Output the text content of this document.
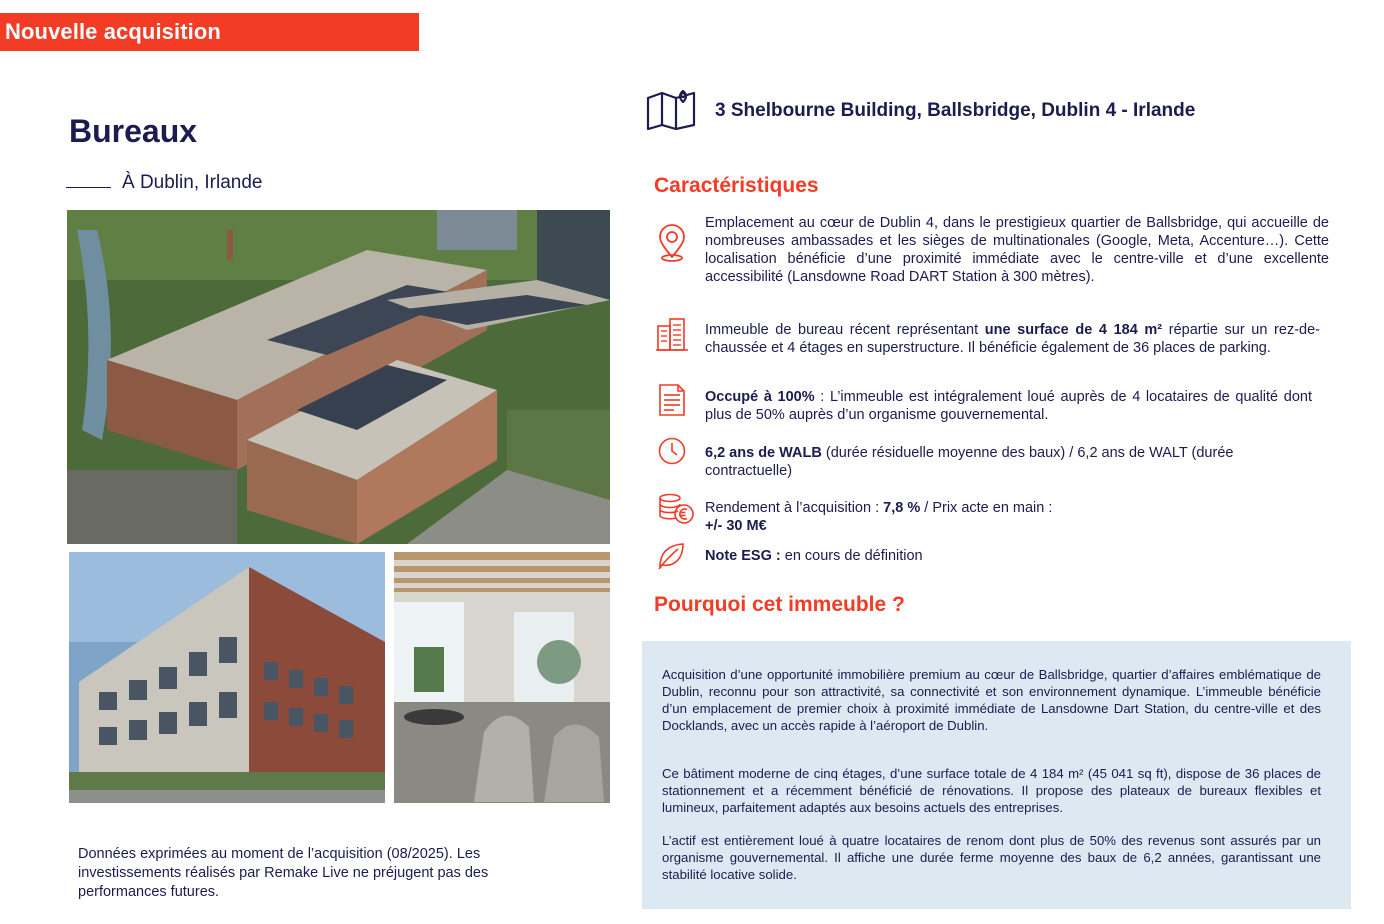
Nouvelle acquisition
Bureaux
À Dublin, Irlande
Données exprimées au moment de l’acquisition (08/2025). Les investissements réalisés par Remake Live ne préjugent pas des performances futures.
3 Shelbourne Building, Ballsbridge, Dublin 4 - Irlande
Caractéristiques
Emplacement au cœur de Dublin 4, dans le prestigieux quartier de Ballsbridge, qui accueille de nombreuses ambassades et les sièges de multinationales (Google, Meta, Accenture…). Cette localisation bénéficie d’une proximité immédiate avec le centre-ville et d’une excellente accessibilité (Lansdowne Road DART Station à 300 mètres).
Immeuble de bureau récent représentant une surface de 4 184 m² répartie sur un rez-de-chaussée et 4 étages en superstructure. Il bénéficie également de 36 places de parking.
Occupé à 100% : L’immeuble est intégralement loué auprès de 4 locataires de qualité dont plus de 50% auprès d’un organisme gouvernemental.
6,2 ans de WALB (durée résiduelle moyenne des baux) / 6,2 ans de WALT (durée contractuelle)
Rendement à l’acquisition : 7,8 % / Prix acte en main :
+/- 30 M€
Note ESG : en cours de définition
Pourquoi cet immeuble ?
Acquisition d’une opportunité immobilière premium au cœur de Ballsbridge, quartier d’affaires emblématique de Dublin, reconnu pour son attractivité, sa connectivité et son environnement dynamique. L’immeuble bénéficie d’un emplacement de premier choix à proximité immédiate de Lansdowne Dart Station, du centre-ville et des Docklands, avec un accès rapide à l’aéroport de Dublin.
Ce bâtiment moderne de cinq étages, d’une surface totale de 4 184 m² (45 041 sq ft), dispose de 36 places de stationnement et a récemment bénéficié de rénovations. Il propose des plateaux de bureaux flexibles et lumineux, parfaitement adaptés aux besoins actuels des entreprises.
L’actif est entièrement loué à quatre locataires de renom dont plus de 50% des revenus sont assurés par un organisme gouvernemental. Il affiche une durée ferme moyenne des baux de 6,2 années, garantissant une stabilité locative solide.
